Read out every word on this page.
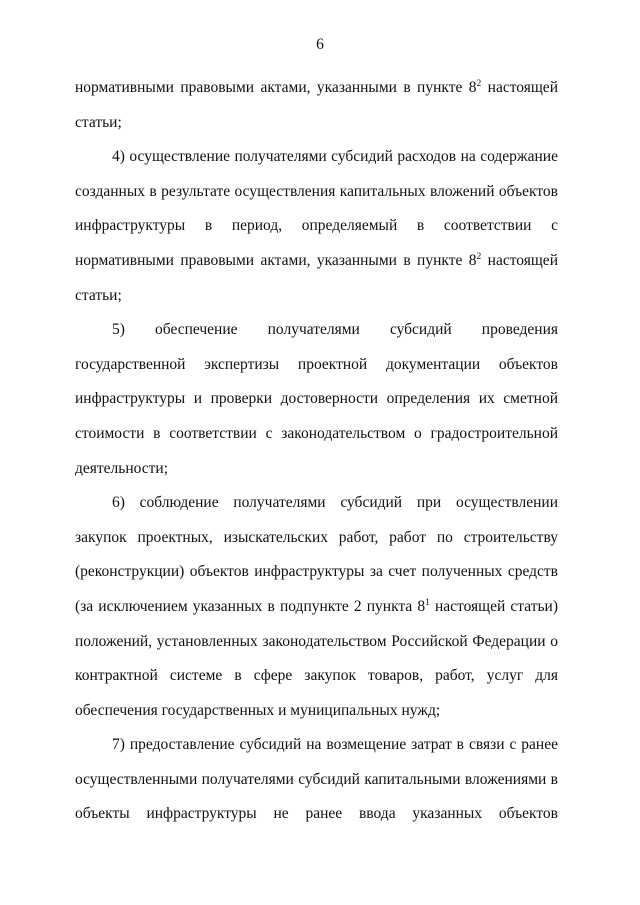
6

нормативными правовыми актами, указанными в пункте $8^2$ настоящей статьи;

4) осуществление получателями субсидий расходов на содержание созданных в результате осуществления капитальных вложений объектов инфраструктуры в период, определяемый в соответствии с нормативными правовыми актами, указанными в пункте $8^2$ настоящей статьи;

5) обеспечение получателями субсидий проведения государственной экспертизы проектной документации объектов инфраструктуры и проверки достоверности определения их сметной стоимости в соответствии с законодательством о градостроительной деятельности;

6) соблюдение получателями субсидий при осуществлении закупок проектных, изыскательских работ, работ по строительству (реконструкции) объектов инфраструктуры за счет полученных средств (за исключением указанных в подпункте 2 пункта $8^1$ настоящей статьи) положений, установленных законодательством Российской Федерации о контрактной системе в сфере закупок товаров, работ, услуг для обеспечения государственных и муниципальных нужд;

7) предоставление субсидий на возмещение затрат в связи с ранее осуществленными получателями субсидий капитальными вложениями в объекты инфраструктуры не ранее ввода указанных объектов
